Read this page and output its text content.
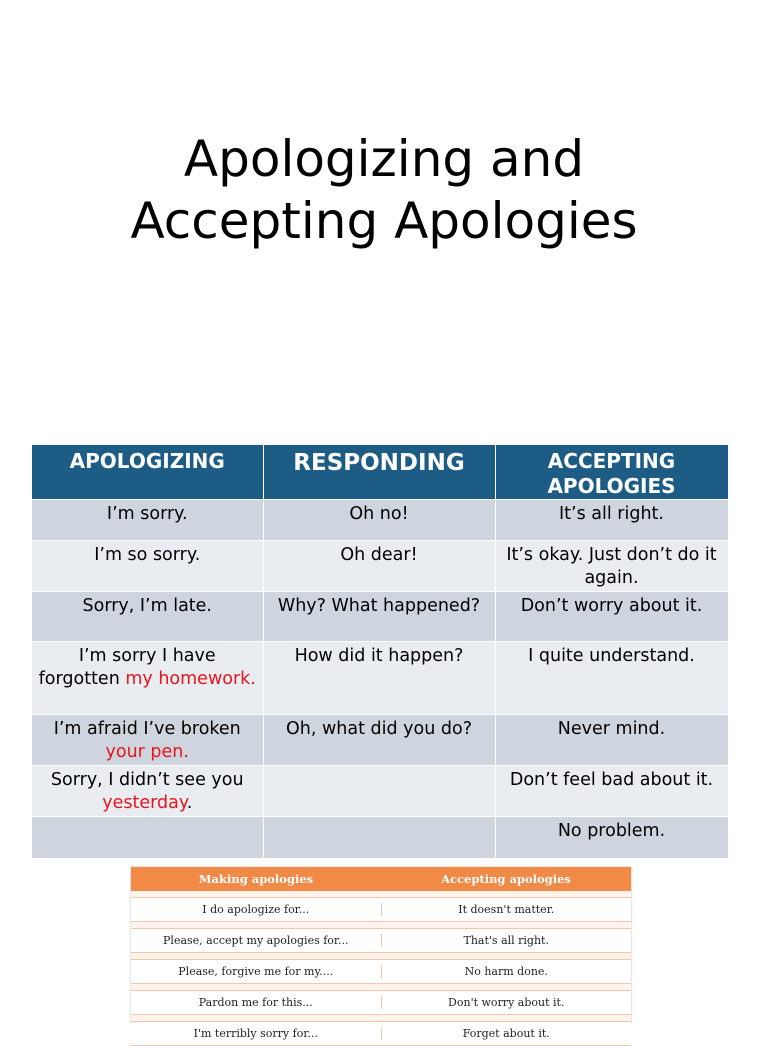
Apologizing and
Accepting Apologies
APOLOGIZING	RESPONDING	ACCEPTING APOLOGIES
I’m sorry.	Oh no!	It’s all right.
I’m so sorry.	Oh dear!	It’s okay. Just don’t do it again.
Sorry, I’m late.	Why? What happened?	Don’t worry about it.
I’m sorry I have forgotten my homework.	How did it happen?	I quite understand.
I’m afraid I’ve broken your pen.	Oh, what did you do?	Never mind.
Sorry, I didn’t see you yesterday.		Don’t feel bad about it.
		No problem.
Making apologies	Accepting apologies
I do apologize for...	It doesn't matter.
Please, accept my apologies for...	That's all right.
Please, forgive me for my....	No harm done.
Pardon me for this...	Don't worry about it.
I'm terribly sorry for...	Forget about it.
